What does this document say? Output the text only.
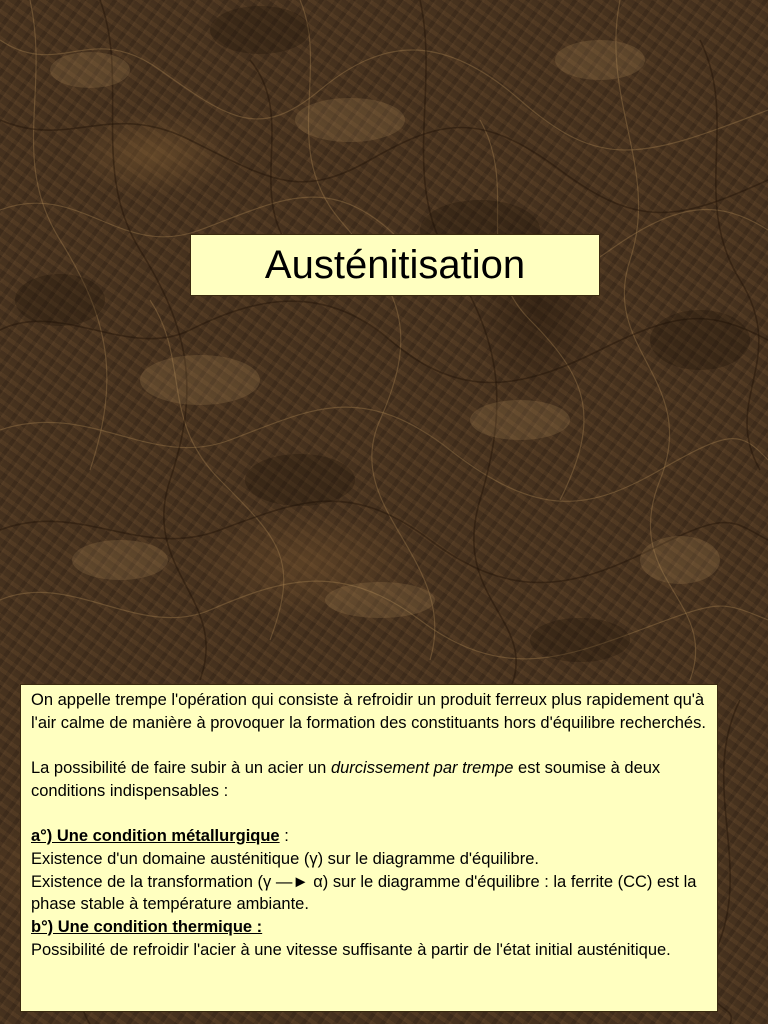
Austénitisation

On appelle trempe l'opération qui consiste à refroidir un produit ferreux plus rapidement qu'à l'air calme de manière à provoquer la formation des constituants hors d'équilibre recherchés.

La possibilité de faire subir à un acier un durcissement par trempe est soumise à deux conditions indispensables :

a°) Une condition métallurgique :

Existence d'un domaine austénitique (γ) sur le diagramme d'équilibre.

Existence de la transformation (γ —► α) sur le diagramme d'équilibre : la ferrite (CC) est la phase stable à température ambiante.

b°) Une condition thermique :

Possibilité de refroidir l'acier à une vitesse suffisante à partir de l'état initial austénitique.
